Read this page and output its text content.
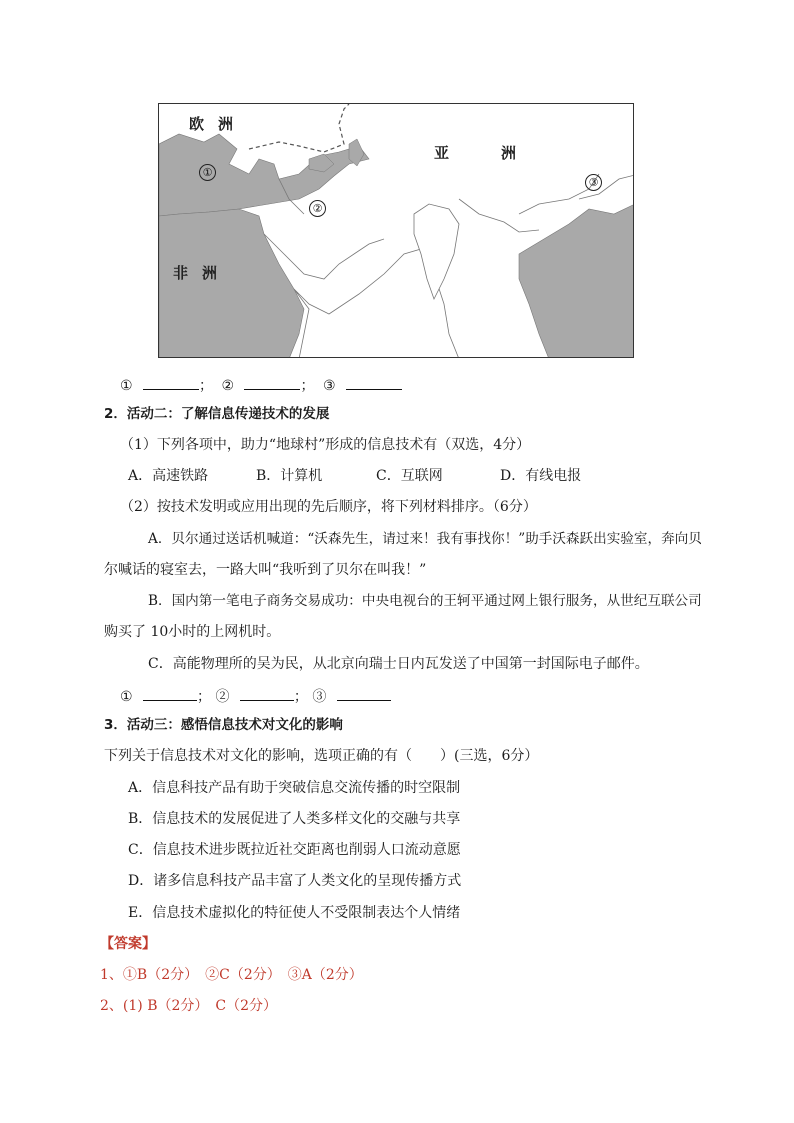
欧洲
亚洲
非洲
①
②
③
①	； ②	； ③
2．活动二：了解信息传递技术的发展
（1）下列各项中，助力“地球村”形成的信息技术有（双选，4分）
A．高速铁路	B．计算机	C．互联网	D．有线电报
（2）按技术发明或应用出现的先后顺序，将下列材料排序。（6分）
A．贝尔通过送话机喊道：“沃森先生，请过来！我有事找你！”助手沃森跃出实验室，奔向贝
尔喊话的寝室去，一路大叫“我听到了贝尔在叫我！”
B．国内第一笔电子商务交易成功：中央电视台的王轲平通过网上银行服务，从世纪互联公司
购买了 10小时的上网机时。
C．高能物理所的吴为民，从北京向瑞士日内瓦发送了中国第一封国际电子邮件。
①	； ②	； ③
3．活动三：感悟信息技术对文化的影响
下列关于信息技术对文化的影响，选项正确的有（　　）(三选，6分）
A．信息科技产品有助于突破信息交流传播的时空限制
B．信息技术的发展促进了人类多样文化的交融与共享
C．信息技术进步既拉近社交距离也削弱人口流动意愿
D．诸多信息科技产品丰富了人类文化的呈现传播方式
E．信息技术虚拟化的特征使人不受限制表达个人情绪
【答案】
1、①B（2分）　②C（2分）　③A（2分）
2、(1) B（2分）　C（2分）
